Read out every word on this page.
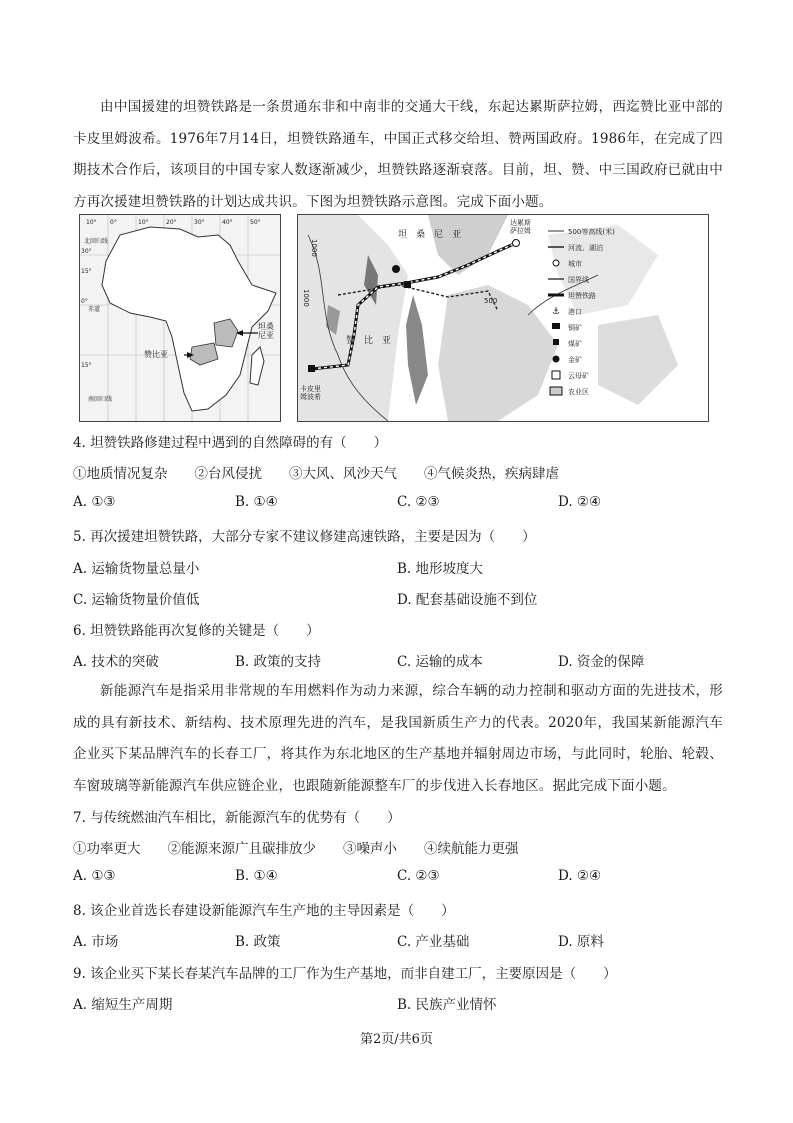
由中国援建的坦赞铁路是一条贯通东非和中南非的交通大干线，东起达累斯萨拉姆，西迄赞比亚中部的卡皮里姆波希。1976年7月14日，坦赞铁路通车，中国正式移交给坦、赞两国政府。1986年，在完成了四期技术合作后，该项目的中国专家人数逐渐减少，坦赞铁路逐渐衰落。目前，坦、赞、中三国政府已就由中方再次援建坦赞铁路的计划达成共识。下图为坦赞铁路示意图。完成下面小题。
10° 0°	10°	20°	30°	40°	50°
30°
15°
0°
15°
北回归线
赤道
南回归线
坦桑尼亚
赞比亚
坦　桑　尼　亚
赞　比　亚
达累斯萨拉姆
卡皮里姆波希
1000
1000	500
500等高线(米)
河流、湖泊
城市
国界线
坦赞铁路
⚓ 港口
铜矿
煤矿
金矿
云母矿
农业区
4. 坦赞铁路修建过程中遇到的自然障碍的有（　　）
①地质情况复杂　　②台风侵扰　　③大风、风沙天气　　④气候炎热，疾病肆虐
A. ①③	B. ①④	C. ②③	D. ②④
5. 再次援建坦赞铁路，大部分专家不建议修建高速铁路，主要是因为（　　）
A. 运输货物量总量小	B. 地形坡度大
C. 运输货物量价值低	D. 配套基础设施不到位
6. 坦赞铁路能再次复修的关键是（　　）
A. 技术的突破	B. 政策的支持	C. 运输的成本	D. 资金的保障
新能源汽车是指采用非常规的车用燃料作为动力来源，综合车辆的动力控制和驱动方面的先进技术，形成的具有新技术、新结构、技术原理先进的汽车，是我国新质生产力的代表。2020年，我国某新能源汽车企业买下某品牌汽车的长春工厂，将其作为东北地区的生产基地并辐射周边市场，与此同时，轮胎、轮毂、车窗玻璃等新能源汽车供应链企业，也跟随新能源整车厂的步伐进入长春地区。据此完成下面小题。
7. 与传统燃油汽车相比，新能源汽车的优势有（　　）
①功率更大　　②能源来源广且碳排放少　　③噪声小　　④续航能力更强
A. ①③	B. ①④	C. ②③	D. ②④
8. 该企业首选长春建设新能源汽车生产地的主导因素是（　　）
A. 市场	B. 政策	C. 产业基础	D. 原料
9. 该企业买下某长春某汽车品牌的工厂作为生产基地，而非自建工厂，主要原因是（　　）
A. 缩短生产周期	B. 民族产业情怀
第2页/共6页
